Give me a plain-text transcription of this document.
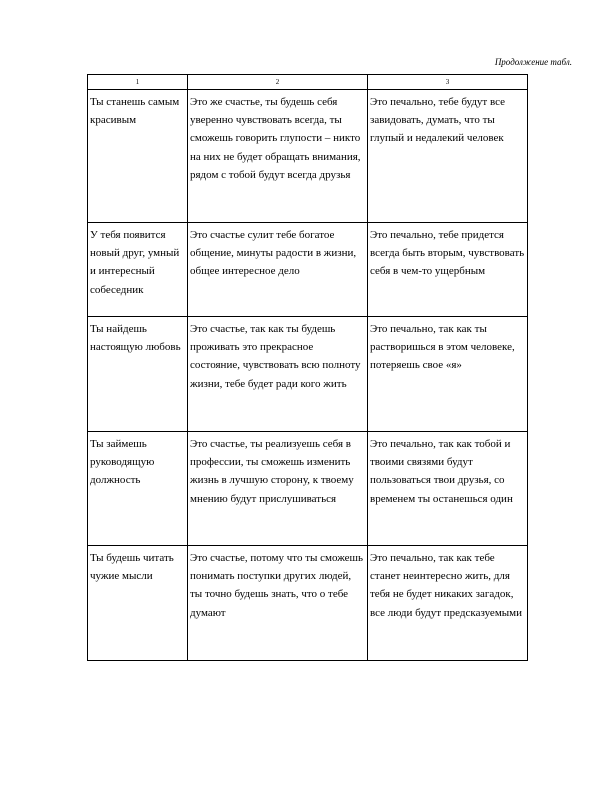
Продолжение табл.
1	2	3

Ты станешь самым красивым	Это же счастье, ты будешь себя уверенно чувствовать всегда, ты сможешь говорить глупости – никто на них не будет обращать внимания, рядом с тобой будут всегда друзья	Это печально, тебе будут все завидовать, думать, что ты глупый и недалекий человек

У тебя появится новый друг, умный и интересный собеседник	Это счастье сулит тебе богатое общение, минуты радости в жизни, общее интересное дело	Это печально, тебе придется всегда быть вторым, чувствовать себя в чем-то ущербным

Ты найдешь настоящую любовь	Это счастье, так как ты будешь проживать это прекрасное состояние, чувствовать всю полноту жизни, тебе будет ради кого жить	Это печально, так как ты растворишься в этом человеке, потеряешь свое «я»

Ты займешь руководящую должность	Это счастье, ты реализуешь себя в профессии, ты сможешь изменить жизнь в лучшую сторону, к твоему мнению будут прислушиваться	Это печально, так как тобой и твоими связями будут пользоваться твои друзья, со временем ты останешься один

Ты будешь читать чужие мысли	Это счастье, потому что ты сможешь понимать поступки других людей, ты точно будешь знать, что о тебе думают	Это печально, так как тебе станет неинтересно жить, для тебя не будет никаких загадок, все люди будут предсказуемыми
